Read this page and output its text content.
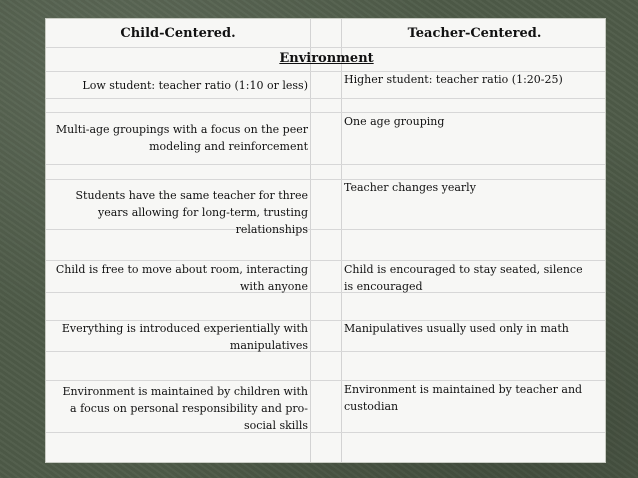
Child-Centered.	Teacher-Centered.
Environment
Low student: teacher ratio (1:10 or less)	Higher student: teacher ratio (1:20-25)
Multi-age groupings with a focus on the peer modeling and reinforcement
One age grouping
Students have the same teacher for three years allowing for long-term, trusting relationships
Teacher changes yearly
Child is free to move about room, interacting with anyone
Child is encouraged to stay seated, silence is encouraged
Everything is introduced experientially with manipulatives
Manipulatives usually used only in math
Environment is maintained by children with a focus on personal responsibility and pro-social skills
Environment is maintained by teacher and custodian
